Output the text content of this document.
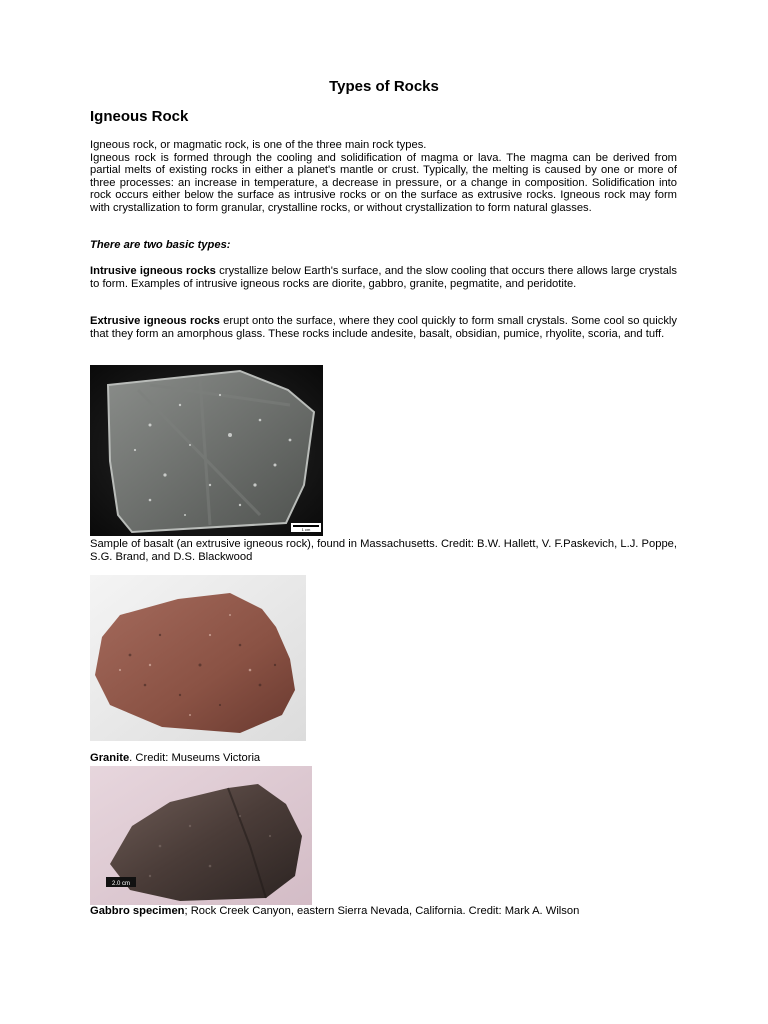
Types of Rocks
Igneous Rock

Igneous rock, or magmatic rock, is one of the three main rock types.
Igneous rock is formed through the cooling and solidification of magma or lava. The magma can be derived from partial melts of existing rocks in either a planet's mantle or crust. Typically, the melting is caused by one or more of three processes: an increase in temperature, a decrease in pressure, or a change in composition. Solidification into rock occurs either below the surface as intrusive rocks or on the surface as extrusive rocks. Igneous rock may form with crystallization to form granular, crystalline rocks, or without crystallization to form natural glasses.

There are two basic types:

Intrusive igneous rocks crystallize below Earth's surface, and the slow cooling that occurs there allows large crystals to form. Examples of intrusive igneous rocks are diorite, gabbro, granite, pegmatite, and peridotite.

Extrusive igneous rocks erupt onto the surface, where they cool quickly to form small crystals. Some cool so quickly that they form an amorphous glass. These rocks include andesite, basalt, obsidian, pumice, rhyolite, scoria, and tuff.

1 cm

Sample of basalt (an extrusive igneous rock), found in Massachusetts. Credit: B.W. Hallett, V. F.Paskevich, L.J. Poppe, S.G. Brand, and D.S. Blackwood

Granite. Credit: Museums Victoria

2.0 cm

Gabbro specimen; Rock Creek Canyon, eastern Sierra Nevada, California. Credit: Mark A. Wilson
